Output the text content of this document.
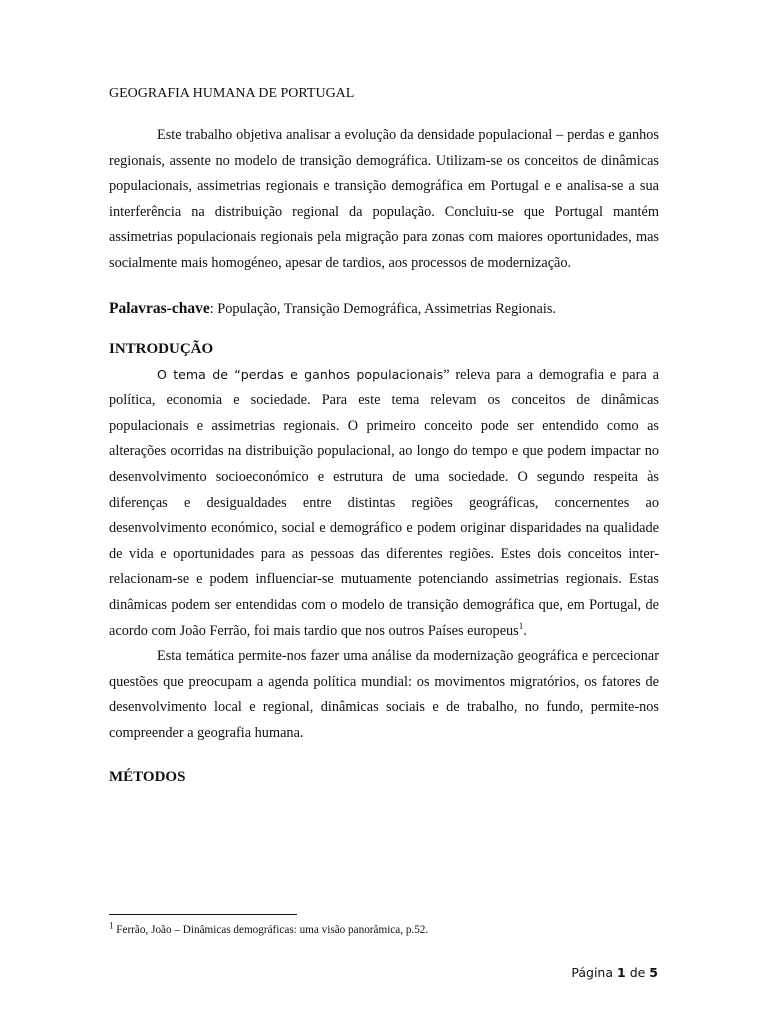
GEOGRAFIA HUMANA DE PORTUGAL

Este trabalho objetiva analisar a evolução da densidade populacional – perdas e ganhos regionais, assente no modelo de transição demográfica. Utilizam-se os conceitos de dinâmicas populacionais, assimetrias regionais e transição demográfica em Portugal e e analisa-se a sua interferência na distribuição regional da população. Concluiu-se que Portugal mantém assimetrias populacionais regionais pela migração para zonas com maiores oportunidades, mas socialmente mais homogéneo, apesar de tardios, aos processos de modernização.

Palavras-chave: População, Transição Demográfica, Assimetrias Regionais.

INTRODUÇÃO

O tema de “perdas e ganhos populacionais” releva para a demografia e para a política, economia e sociedade. Para este tema relevam os conceitos de dinâmicas populacionais e assimetrias regionais. O primeiro conceito pode ser entendido como as alterações ocorridas na distribuição populacional, ao longo do tempo e que podem impactar no desenvolvimento socioeconómico e estrutura de uma sociedade. O segundo respeita às diferenças e desigualdades entre distintas regiões geográficas, concernentes ao desenvolvimento económico, social e demográfico e podem originar disparidades na qualidade de vida e oportunidades para as pessoas das diferentes regiões. Estes dois conceitos inter-relacionam-se e podem influenciar-se mutuamente potenciando assimetrias regionais. Estas dinâmicas podem ser entendidas com o modelo de transição demográfica que, em Portugal, de acordo com João Ferrão, foi mais tardio que nos outros Países europeus$^1$.

Esta temática permite-nos fazer uma análise da modernização geográfica e percecionar questões que preocupam a agenda política mundial: os movimentos migratórios, os fatores de desenvolvimento local e regional, dinâmicas sociais e de trabalho, no fundo, permite-nos compreender a geografia humana.

MÉTODOS
$^1$ Ferrão, João – Dinâmicas demográficas: uma visão panorâmica, p.52.
Página 1 de 5
